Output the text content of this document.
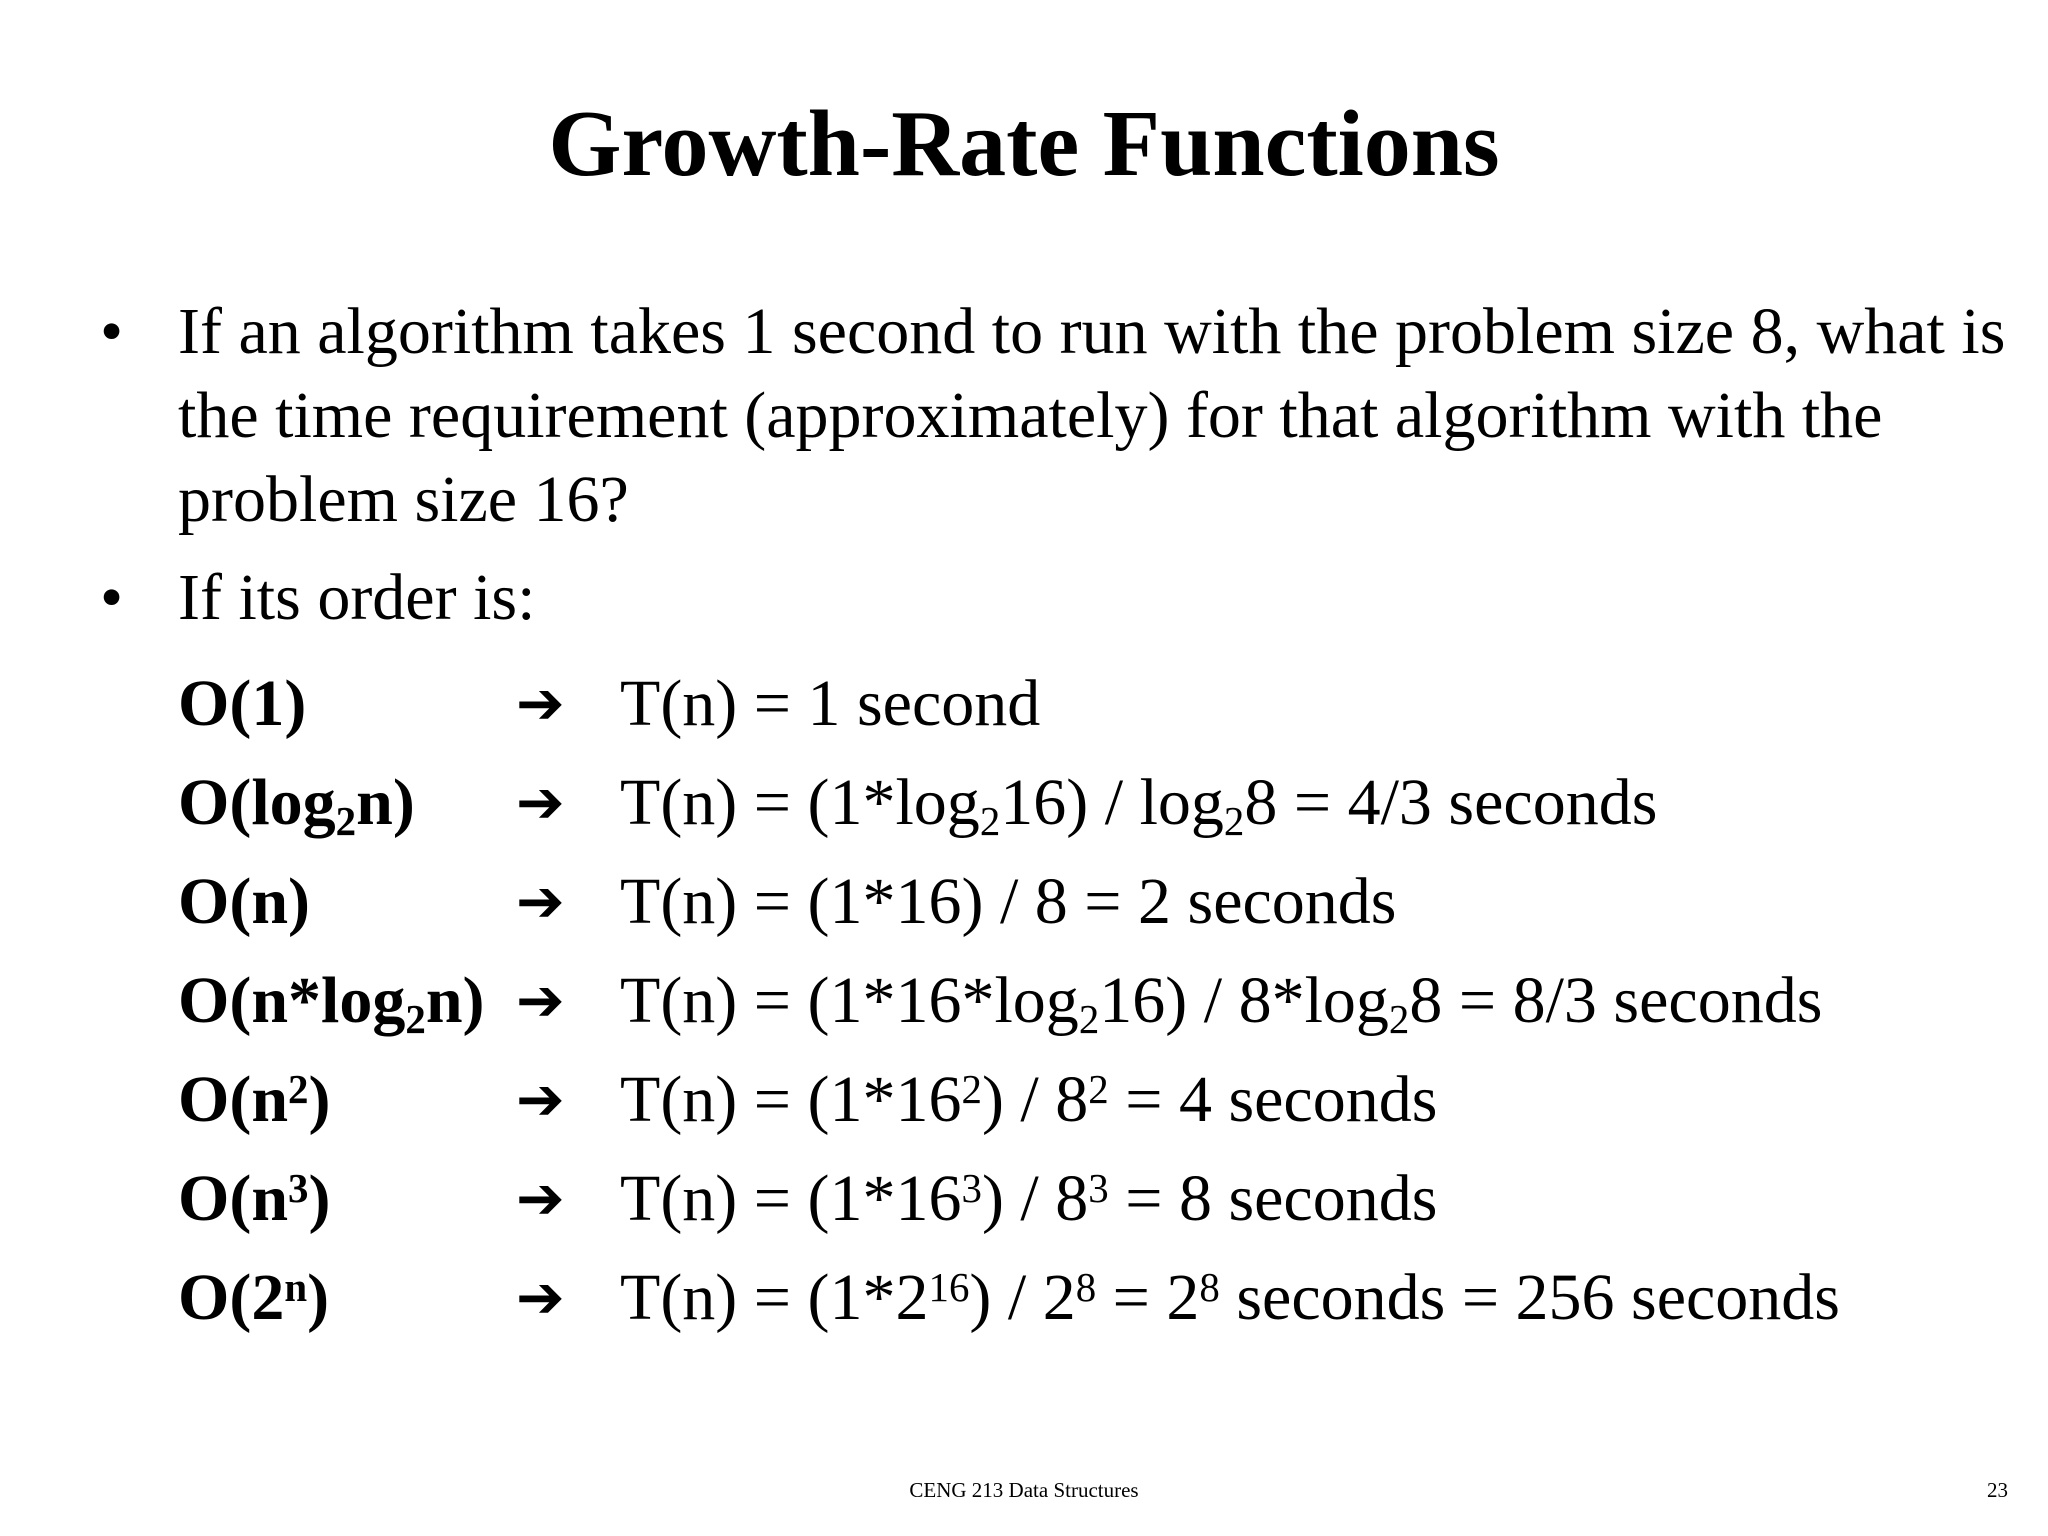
Growth-Rate Functions
• If an algorithm takes 1 second to run with the problem size 8, what is the time requirement (approximately) for that algorithm with the problem size 16?
• If its order is:
O(1)	➔ T(n) = 1 second
$O(\log_2n)$ ➔ $T(n) = (1*\log_216) / \log_28 = 4/3$ seconds
O(n)	➔ T(n) = (1*16) / 8 = 2 seconds
$O(n*\log_2n)$ ➔ $T(n) = (1*16*\log_216) / 8*\log_28 = 8/3$ seconds
$O(n^2)$	➔ $T(n) = (1*16^2) / 8^2 = 4$ seconds
$O(n^3)$	➔ $T(n) = (1*16^3) / 8^3 = 8$ seconds
O(2$^n$)	➔ $T(n) = (1*2^{16}) / 2^8 = 2^8$ seconds = 256 seconds
CENG 213 Data Structures	23
